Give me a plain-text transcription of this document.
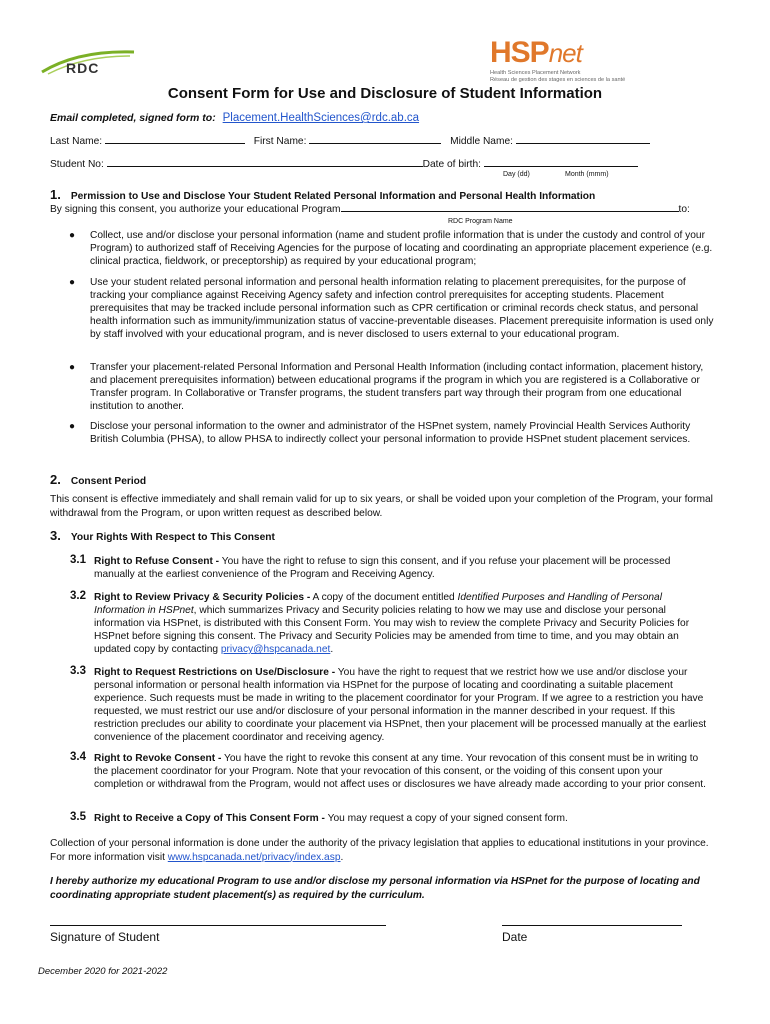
RDC	HSPnet
Health Sciences Placement Network
Réseau de gestion des stages en sciences de la santé
Consent Form for Use and Disclosure of Student Information
Email completed, signed form to: Placement.HealthSciences@rdc.ab.ca
Last Name:	First Name:	Middle Name:
Student No:	Date of birth:
Day (dd)	Month (mmm)
1. Permission to Use and Disclose Your Student Related Personal Information and Personal Health Information
By signing this consent, you authorize your educational Program	to:
RDC Program Name
● Collect, use and/or disclose your personal information (name and student profile information that is under the custody and control of your Program) to authorized staff of Receiving Agencies for the purpose of locating and coordinating an appropriate placement experience (e.g. clinical practica, fieldwork, or preceptorship) as required by your educational program;
● Use your student related personal information and personal health information relating to placement prerequisites, for the purpose of tracking your compliance against Receiving Agency safety and infection control prerequisites for accepting students. Placement prerequisites that may be tracked include personal information such as CPR certification or criminal records check status, and personal health information such as immunity/immunization status of vaccine-preventable diseases. Placement prerequisite information is used only by staff involved with your educational program, and is never disclosed to users external to your educational program.
● Transfer your placement-related Personal Information and Personal Health Information (including contact information, placement history, and placement prerequisites information) between educational programs if the program in which you are registered is a Collaborative or Transfer program. In Collaborative or Transfer programs, the student transfers part way through their program from one educational institution to another.
● Disclose your personal information to the owner and administrator of the HSPnet system, namely Provincial Health Services Authority British Columbia (PHSA), to allow PHSA to indirectly collect your personal information to provide HSPnet student placement services.
2. Consent Period
This consent is effective immediately and shall remain valid for up to six years, or shall be voided upon your completion of the Program, your formal withdrawal from the Program, or upon written request as described below.
3. Your Rights With Respect to This Consent
3.1 Right to Refuse Consent - You have the right to refuse to sign this consent, and if you refuse your placement will be processed manually at the earliest convenience of the Program and Receiving Agency.
3.2 Right to Review Privacy & Security Policies - A copy of the document entitled Identified Purposes and Handling of Personal Information in HSPnet, which summarizes Privacy and Security policies relating to how we may use and disclose your personal information via HSPnet, is distributed with this Consent Form. You may wish to review the complete Privacy and Security Policies for HSPnet before signing this consent. The Privacy and Security Policies may be amended from time to time, and you may obtain an updated copy by contacting privacy@hspcanada.net.
3.3 Right to Request Restrictions on Use/Disclosure - You have the right to request that we restrict how we use and/or disclose your personal information or personal health information via HSPnet for the purpose of locating and coordinating a suitable placement experience. Such requests must be made in writing to the placement coordinator for your Program. If we agree to a restriction you have requested, we must restrict our use and/or disclosure of your personal information in the manner described in your request. If this restriction precludes our ability to coordinate your placement via HSPnet, then your placement will be processed manually at the earliest convenience of the placement coordinator and receiving agency.
3.4 Right to Revoke Consent - You have the right to revoke this consent at any time. Your revocation of this consent must be in writing to the placement coordinator for your Program. Note that your revocation of this consent, or the voiding of this consent upon your completion or withdrawal from the Program, would not affect uses or disclosures we have already made according to your prior consent.
3.5 Right to Receive a Copy of This Consent Form - You may request a copy of your signed consent form.
Collection of your personal information is done under the authority of the privacy legislation that applies to educational institutions in your province. For more information visit www.hspcanada.net/privacy/index.asp.
I hereby authorize my educational Program to use and/or disclose my personal information via HSPnet for the purpose of locating and coordinating appropriate student placement(s) as required by the curriculum.
Signature of Student	Date
December 2020 for 2021-2022
